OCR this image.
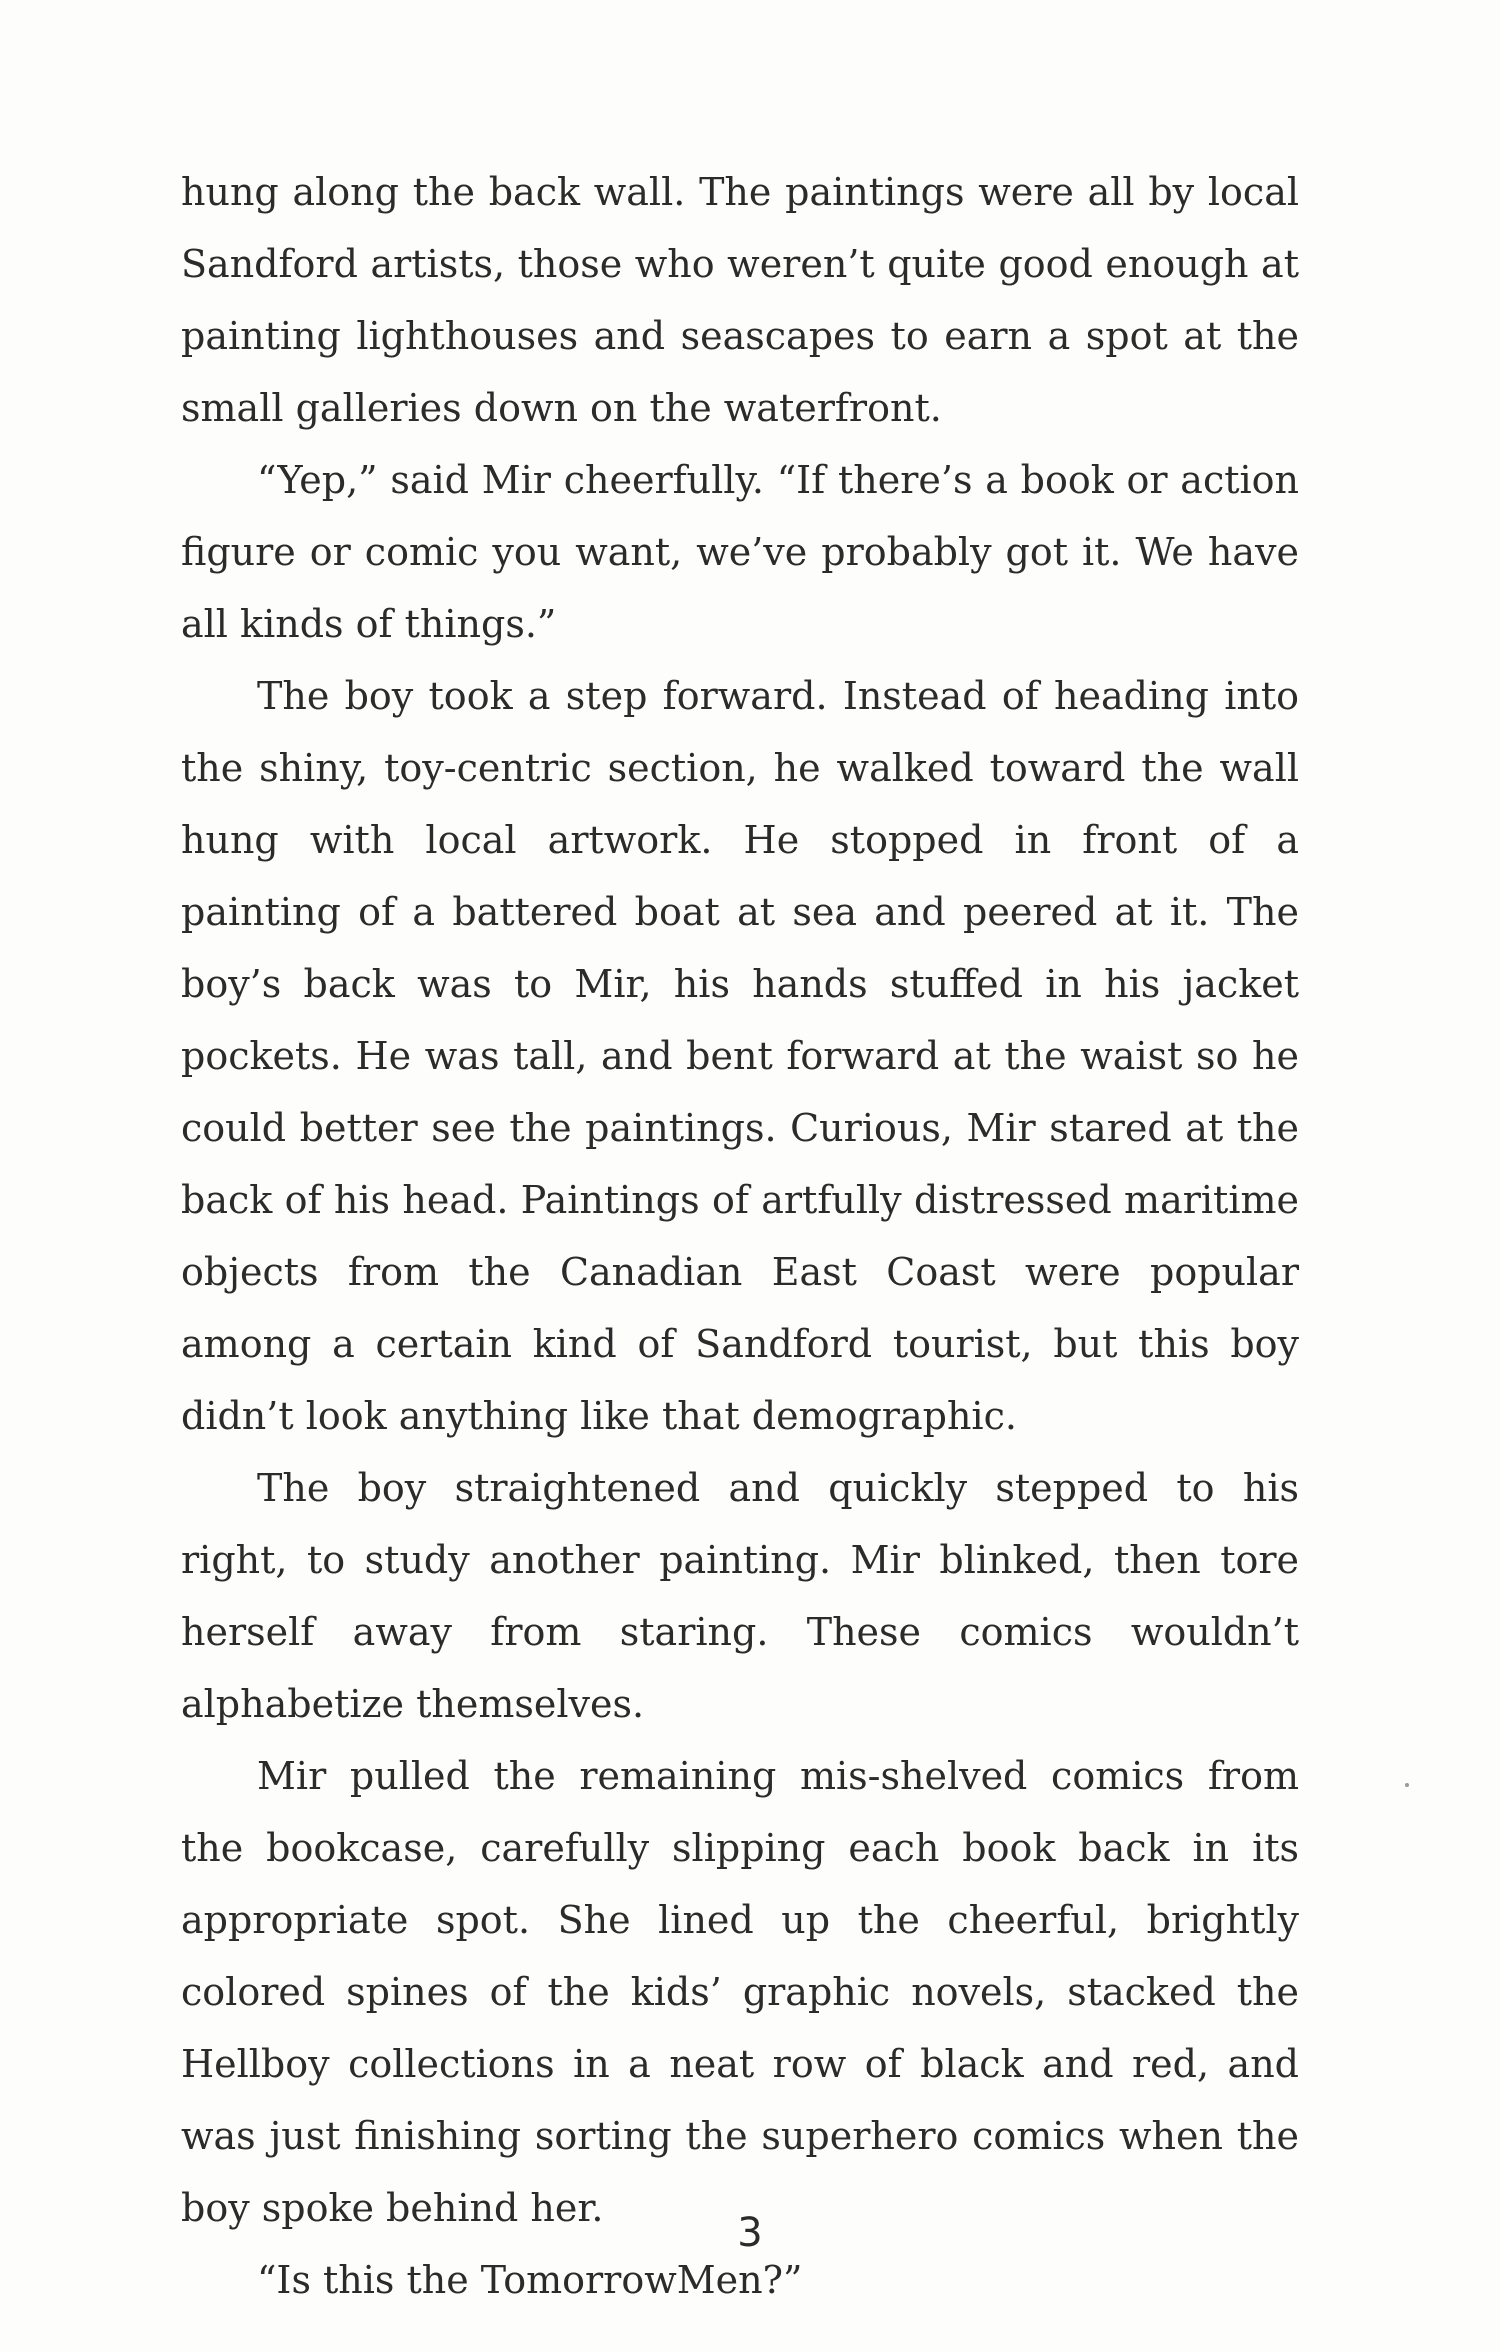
hung along the back wall. The paintings were all by local Sandford artists, those who weren’t quite good enough at painting lighthouses and seascapes to earn a spot at the small galleries down on the waterfront.

“Yep,” said Mir cheerfully. “If there’s a book or action figure or comic you want, we’ve probably got it. We have all kinds of things.”

The boy took a step forward. Instead of heading into the shiny, toy-centric section, he walked toward the wall hung with local artwork. He stopped in front of a painting of a battered boat at sea and peered at it. The boy’s back was to Mir, his hands stuffed in his jacket pockets. He was tall, and bent forward at the waist so he could better see the paintings. Curious, Mir stared at the back of his head. Paintings of artfully distressed maritime objects from the Canadian East Coast were popular among a certain kind of Sandford tourist, but this boy didn’t look anything like that demographic.

The boy straightened and quickly stepped to his right, to study another painting. Mir blinked, then tore herself away from staring. These comics wouldn’t alphabetize themselves.

Mir pulled the remaining mis-shelved comics from the bookcase, carefully slipping each book back in its appropriate spot. She lined up the cheerful, brightly colored spines of the kids’ graphic novels, stacked the Hellboy collections in a neat row of black and red, and was just finishing sorting the superhero comics when the boy spoke behind her.

“Is this the TomorrowMen?”

3
